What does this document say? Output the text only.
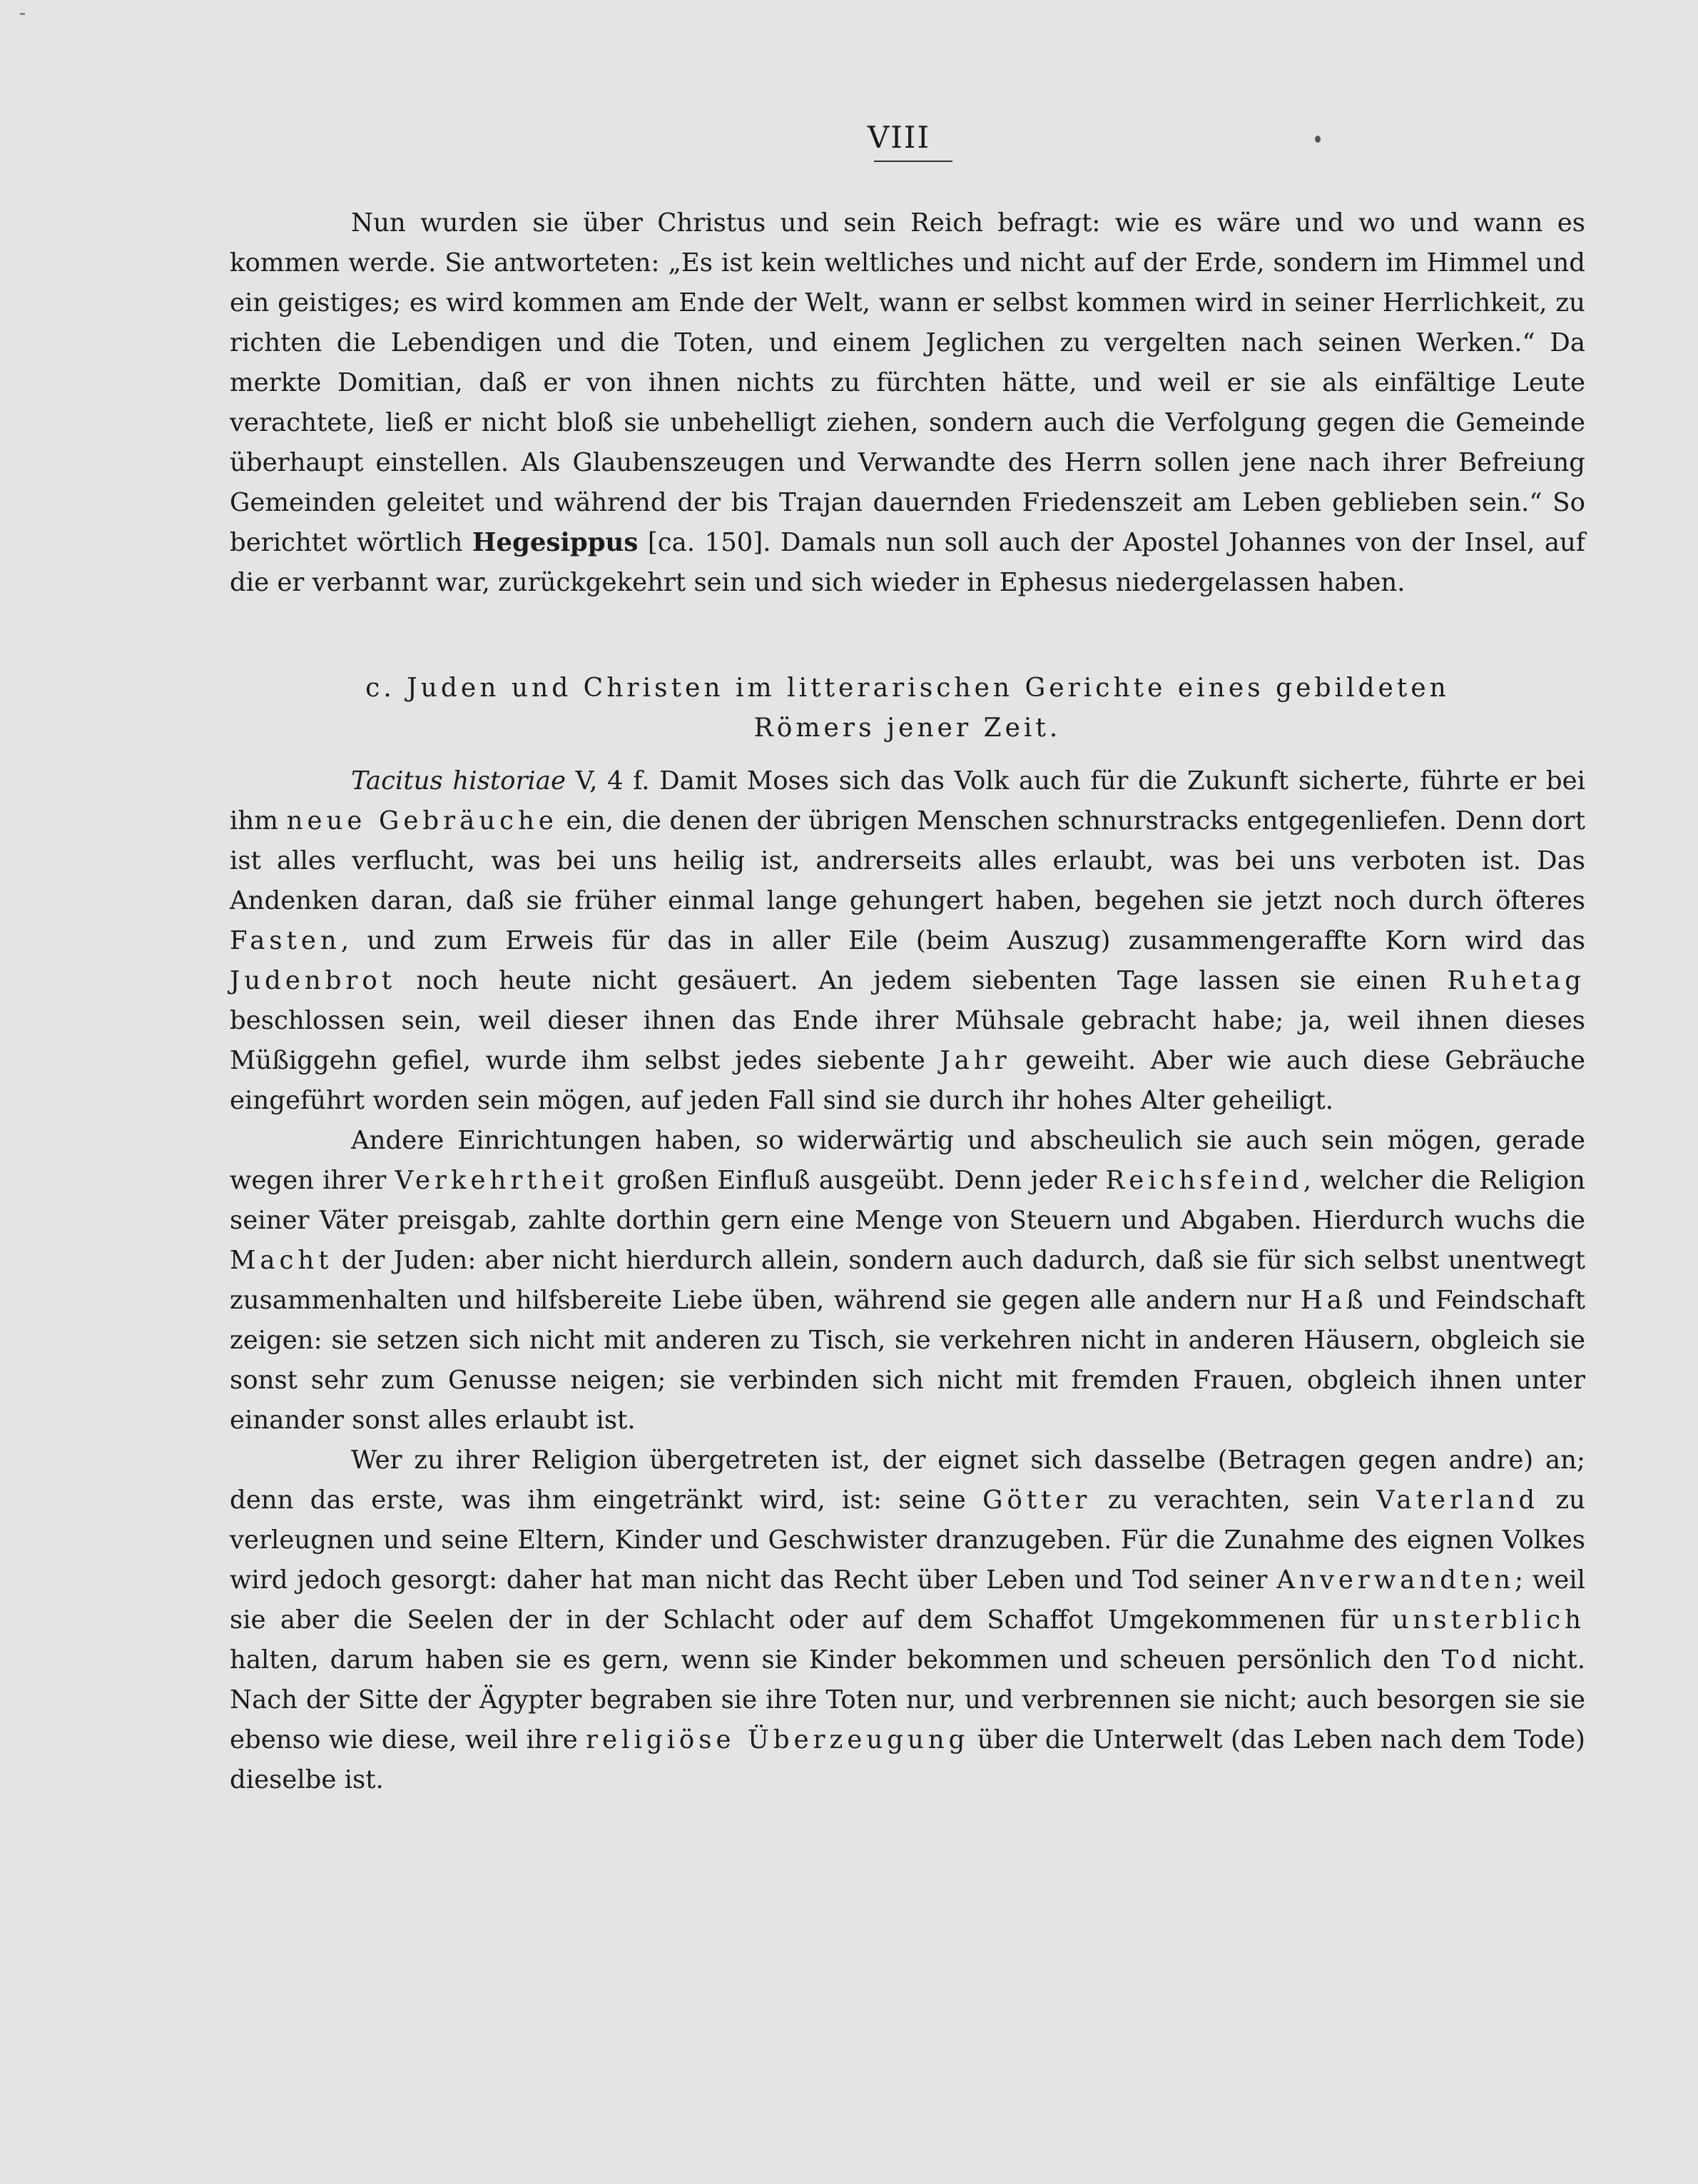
VIII

Nun wurden sie über Christus und sein Reich befragt: wie es wäre und wo und wann es kommen werde. Sie antworteten: „Es ist kein weltliches und nicht auf der Erde, sondern im Himmel und ein geistiges; es wird kommen am Ende der Welt, wann er selbst kommen wird in seiner Herrlichkeit, zu richten die Lebendigen und die Toten, und einem Jeglichen zu vergelten nach seinen Werken.“ Da merkte Domitian, daß er von ihnen nichts zu fürchten hätte, und weil er sie als einfältige Leute verachtete, ließ er nicht bloß sie unbehelligt ziehen, sondern auch die Verfolgung gegen die Gemeinde überhaupt einstellen. Als Glaubenszeugen und Verwandte des Herrn sollen jene nach ihrer Befreiung Gemeinden geleitet und während der bis Trajan dauernden Friedenszeit am Leben geblieben sein.“ So berichtet wörtlich Hegesippus [ca. 150]. Damals nun soll auch der Apostel Johannes von der Insel, auf die er verbannt war, zurückgekehrt sein und sich wieder in Ephesus niedergelassen haben.

c. Juden und Christen im litterarischen Gerichte eines gebildeten
Römers jener Zeit.

Tacitus historiae V, 4 f. Damit Moses sich das Volk auch für die Zukunft sicherte, führte er bei ihm neue Gebräuche ein, die denen der übrigen Menschen schnurstracks entgegenliefen. Denn dort ist alles verflucht, was bei uns heilig ist, andrerseits alles erlaubt, was bei uns verboten ist. Das Andenken daran, daß sie früher einmal lange gehungert haben, begehen sie jetzt noch durch öfteres Fasten, und zum Erweis für das in aller Eile (beim Auszug) zusammengeraffte Korn wird das Judenbrot noch heute nicht gesäuert. An jedem siebenten Tage lassen sie einen Ruhetag beschlossen sein, weil dieser ihnen das Ende ihrer Mühsale gebracht habe; ja, weil ihnen dieses Müßiggehn gefiel, wurde ihm selbst jedes siebente Jahr geweiht. Aber wie auch diese Gebräuche eingeführt worden sein mögen, auf jeden Fall sind sie durch ihr hohes Alter geheiligt.

Andere Einrichtungen haben, so widerwärtig und abscheulich sie auch sein mögen, gerade wegen ihrer Verkehrtheit großen Einfluß ausgeübt. Denn jeder Reichsfeind, welcher die Religion seiner Väter preisgab, zahlte dorthin gern eine Menge von Steuern und Abgaben. Hierdurch wuchs die Macht der Juden: aber nicht hierdurch allein, sondern auch dadurch, daß sie für sich selbst unentwegt zusammenhalten und hilfsbereite Liebe üben, während sie gegen alle andern nur Haß und Feindschaft zeigen: sie setzen sich nicht mit anderen zu Tisch, sie verkehren nicht in anderen Häusern, obgleich sie sonst sehr zum Genusse neigen; sie verbinden sich nicht mit fremden Frauen, obgleich ihnen unter einander sonst alles erlaubt ist.

Wer zu ihrer Religion übergetreten ist, der eignet sich dasselbe (Betragen gegen andre) an; denn das erste, was ihm eingetränkt wird, ist: seine Götter zu verachten, sein Vaterland zu verleugnen und seine Eltern, Kinder und Geschwister dranzugeben. Für die Zunahme des eignen Volkes wird jedoch gesorgt: daher hat man nicht das Recht über Leben und Tod seiner Anverwandten; weil sie aber die Seelen der in der Schlacht oder auf dem Schaffot Umgekommenen für unsterblich halten, darum haben sie es gern, wenn sie Kinder bekommen und scheuen persönlich den Tod nicht. Nach der Sitte der Ägypter begraben sie ihre Toten nur, und verbrennen sie nicht; auch besorgen sie sie ebenso wie diese, weil ihre religiöse Überzeugung über die Unterwelt (das Leben nach dem Tode) dieselbe ist.
